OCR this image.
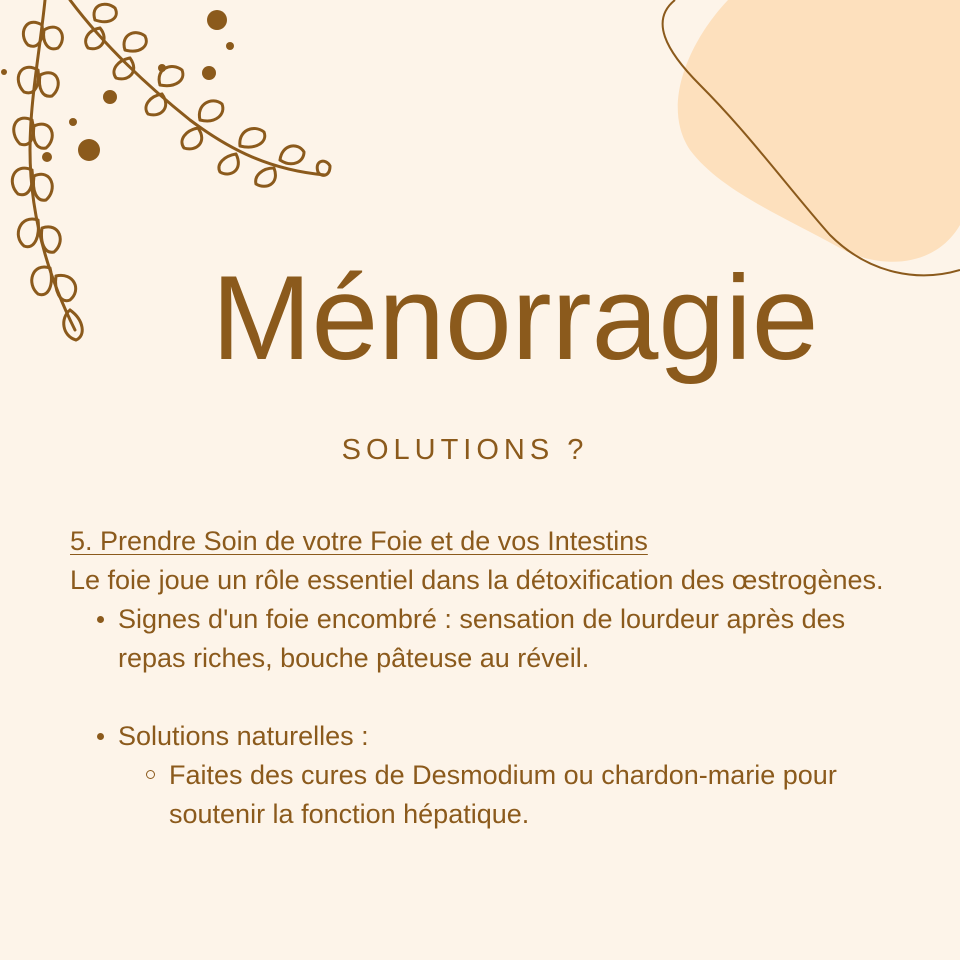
Ménorragie
SOLUTIONS ?
5. Prendre Soin de votre Foie et de vos Intestins

Le foie joue un rôle essentiel dans la détoxification des œstrogènes.

Signes d'un foie encombré : sensation de lourdeur après des repas riches, bouche pâteuse au réveil.
Solutions naturelles :
Faites des cures de Desmodium ou chardon-marie pour soutenir la fonction hépatique.
